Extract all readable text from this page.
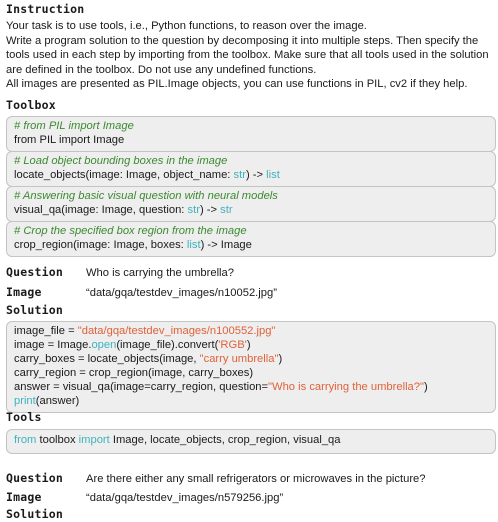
Instruction
Your task is to use tools, i.e., Python functions, to reason over the image.
Write a program solution to the question by decomposing it into multiple steps. Then specify the
tools used in each step by importing from the toolbox. Make sure that all tools used in the solution
are defined in the toolbox. Do not use any undefined functions.
All images are presented as PIL.Image objects, you can use functions in PIL, cv2 if they help.
Toolbox
# from PIL import Image
from PIL import Image
# Load object bounding boxes in the image
locate_objects(image: Image, object_name: str) -> list
# Answering basic visual question with neural models
visual_qa(image: Image, question: str) -> str
# Crop the specified box region from the image
crop_region(image: Image, boxes: list) -> Image
Question Who is carrying the umbrella?
Image	“data/gqa/testdev_images/n10052.jpg”
Solution
image_file = "data/gqa/testdev_images/n100552.jpg"
image = Image.open(image_file).convert('RGB')
carry_boxes = locate_objects(image, "carry umbrella")
carry_region = crop_region(image, carry_boxes)
answer = visual_qa(image=carry_region, question="Who is carrying the umbrella?")
print(answer)
Tools
from toolbox import Image, locate_objects, crop_region, visual_qa
Question Are there either any small refrigerators or microwaves in the picture?
Image	“data/gqa/testdev_images/n579256.jpg”
Solution
